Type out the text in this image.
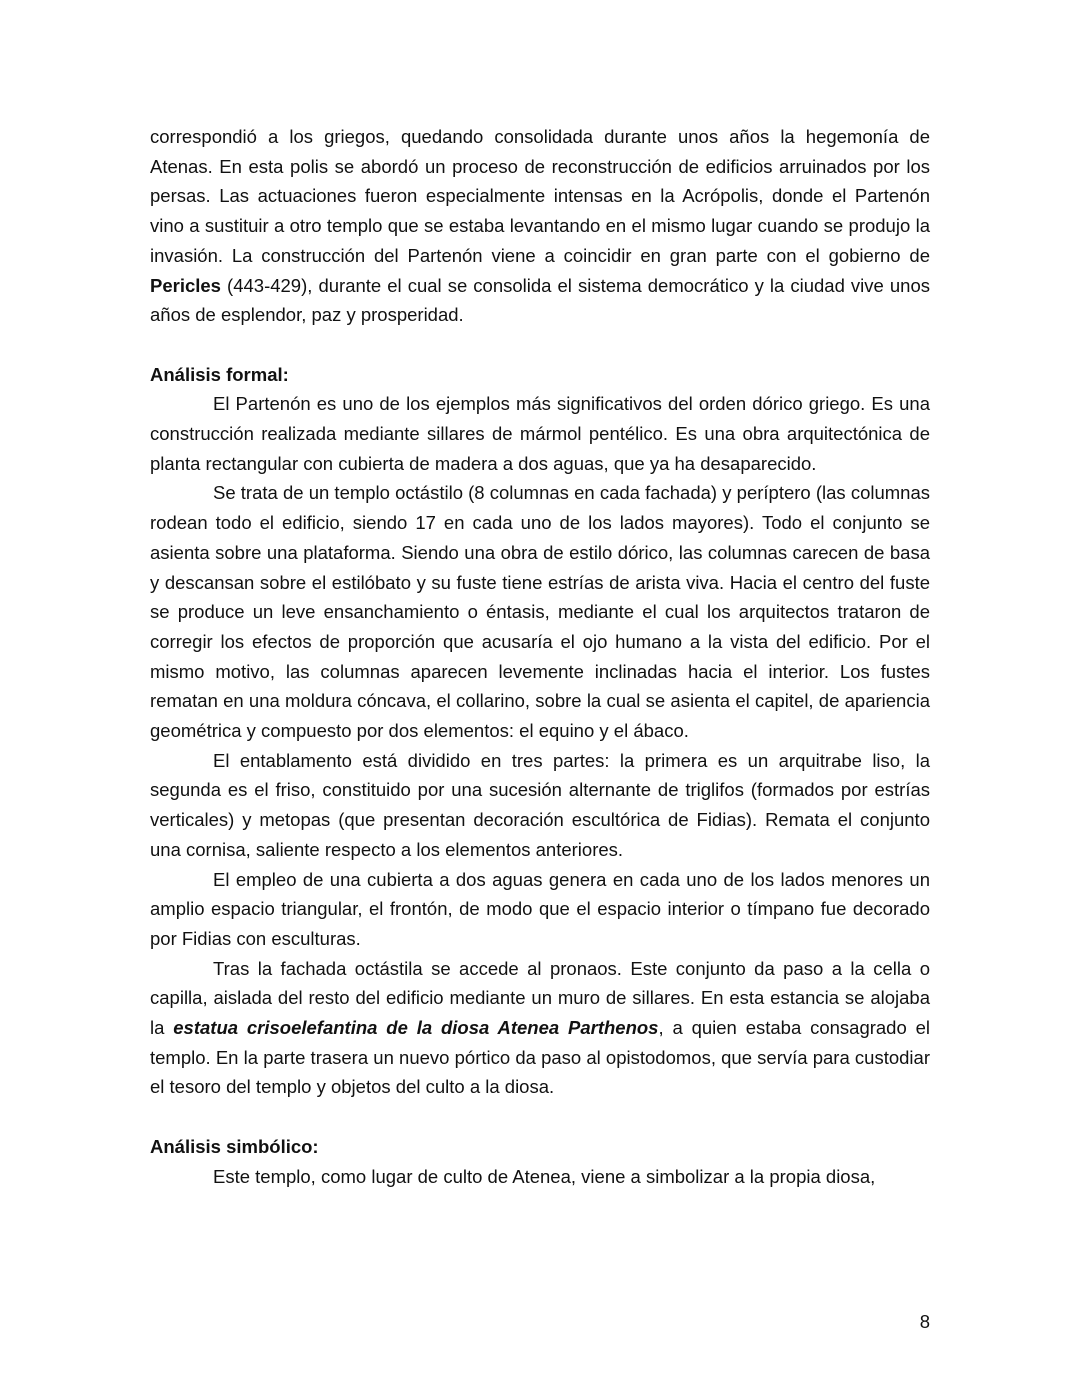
correspondió a los griegos, quedando consolidada durante unos años la hegemonía de Atenas. En esta polis se abordó un proceso de reconstrucción de edificios arruinados por los persas. Las actuaciones fueron especialmente intensas en la Acrópolis, donde el Partenón vino a sustituir a otro templo que se estaba levantando en el mismo lugar cuando se produjo la invasión. La construcción del Partenón viene a coincidir en gran parte con el gobierno de Pericles (443-429), durante el cual se consolida el sistema democrático y la ciudad vive unos años de esplendor, paz y prosperidad.

Análisis formal:

El Partenón es uno de los ejemplos más significativos del orden dórico griego. Es una construcción realizada mediante sillares de mármol pentélico. Es una obra arquitectónica de planta rectangular con cubierta de madera a dos aguas, que ya ha desaparecido.

Se trata de un templo octástilo (8 columnas en cada fachada) y períptero (las columnas rodean todo el edificio, siendo 17 en cada uno de los lados mayores). Todo el conjunto se asienta sobre una plataforma. Siendo una obra de estilo dórico, las columnas carecen de basa y descansan sobre el estilóbato y su fuste tiene estrías de arista viva. Hacia el centro del fuste se produce un leve ensanchamiento o éntasis, mediante el cual los arquitectos trataron de corregir los efectos de proporción que acusaría el ojo humano a la vista del edificio. Por el mismo motivo, las columnas aparecen levemente inclinadas hacia el interior. Los fustes rematan en una moldura cóncava, el collarino, sobre la cual se asienta el capitel, de apariencia geométrica y compuesto por dos elementos: el equino y el ábaco.

El entablamento está dividido en tres partes: la primera es un arquitrabe liso, la segunda es el friso, constituido por una sucesión alternante de triglifos (formados por estrías verticales) y metopas (que presentan decoración escultórica de Fidias). Remata el conjunto una cornisa, saliente respecto a los elementos anteriores.

El empleo de una cubierta a dos aguas genera en cada uno de los lados menores un amplio espacio triangular, el frontón, de modo que el espacio interior o tímpano fue decorado por Fidias con esculturas.

Tras la fachada octástila se accede al pronaos. Este conjunto da paso a la cella o capilla, aislada del resto del edificio mediante un muro de sillares. En esta estancia se alojaba la estatua crisoelefantina de la diosa Atenea Parthenos, a quien estaba consagrado el templo. En la parte trasera un nuevo pórtico da paso al opistodomos, que servía para custodiar el tesoro del templo y objetos del culto a la diosa.

Análisis simbólico:

Este templo, como lugar de culto de Atenea, viene a simbolizar a la propia diosa,

8
